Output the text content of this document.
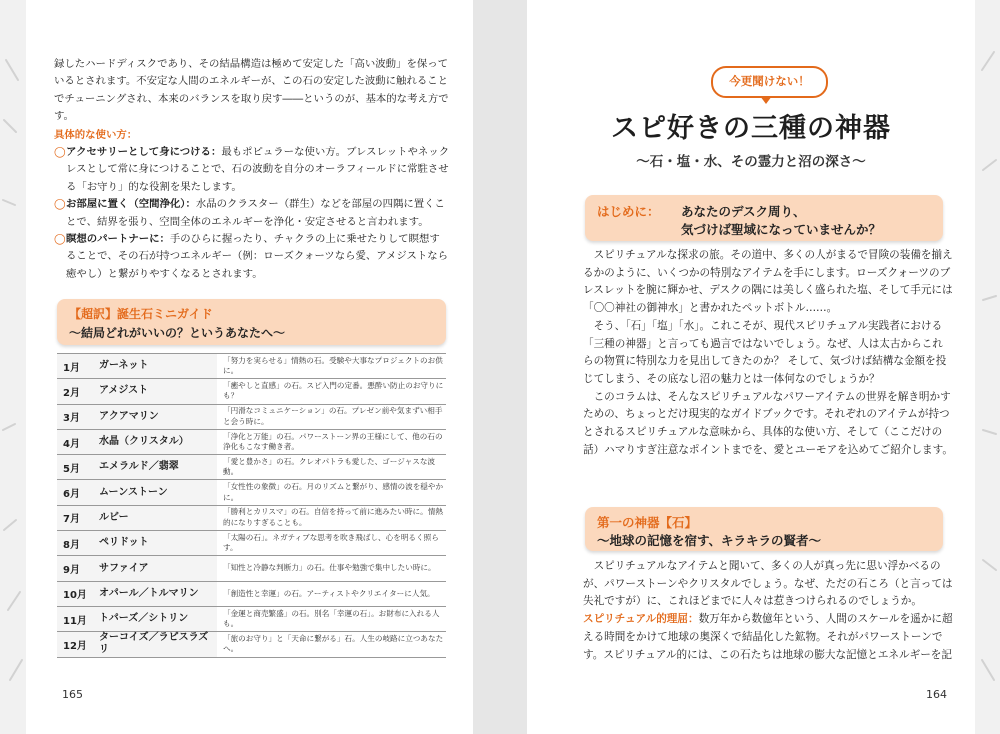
録したハードディスクであり、その結晶構造は極めて安定した「高い波動」を保っているとされます。不安定な人間のエネルギーが、この石の安定した波動に触れることでチューニングされ、本来のバランスを取り戻す――というのが、基本的な考え方です。

具体的な使い方：
◯ アクセサリーとして身につける：最もポピュラーな使い方。ブレスレットやネックレスとして常に身につけることで、石の波動を自分のオーラフィールドに常駐させる「お守り」的な役割を果たします。
◯ お部屋に置く（空間浄化）：水晶のクラスター（群生）などを部屋の四隅に置くことで、結界を張り、空間全体のエネルギーを浄化・安定させると言われます。
◯ 瞑想のパートナーに：手のひらに握ったり、チャクラの上に乗せたりして瞑想することで、その石が持つエネルギー（例：ローズクォーツなら愛、アメジストなら癒やし）と繋がりやすくなるとされます。
【超訳】誕生石ミニガイド
〜結局どれがいいの？というあなたへ〜
1月	ガーネット	「努力を実らせる」情熱の石。受験や大事なプロジェクトのお供に。
2月	アメジスト	「癒やしと直感」の石。スピ入門の定番。悪酔い防止のお守りにも？
3月	アクアマリン	「円滑なコミュニケーション」の石。プレゼン前や気まずい相手と会う時に。
4月	水晶（クリスタル）	「浄化と万能」の石。パワーストーン界の王様にして、他の石の浄化もこなす働き者。
5月	エメラルド／翡翠	「愛と豊かさ」の石。クレオパトラも愛した、ゴージャスな波動。
6月	ムーンストーン	「女性性の象徴」の石。月のリズムと繋がり、感情の波を穏やかに。
7月	ルビー	「勝利とカリスマ」の石。自信を持って前に進みたい時に。情熱的になりすぎることも。
8月	ペリドット	「太陽の石」。ネガティブな思考を吹き飛ばし、心を明るく照らす。
9月	サファイア	「知性と冷静な判断力」の石。仕事や勉強で集中したい時に。
10月	オパール／トルマリン	「創造性と幸運」の石。アーティストやクリエイターに人気。
11月	トパーズ／シトリン	「金運と商売繁盛」の石。別名「幸運の石」。お財布に入れる人も。
12月	ターコイズ／ラピスラズリ	「旅のお守り」と「天命に繋がる」石。人生の岐路に立つあなたへ。
165
今更聞けない！
スピ好きの三種の神器
〜石・塩・水、その霊力と沼の深さ〜
はじめに： あなたのデスク周り、
気づけば聖域になっていませんか？

スピリチュアルな探求の旅。その道中、多くの人がまるで冒険の装備を揃えるかのように、いくつかの特別なアイテムを手にします。ローズクォーツのブレスレットを腕に輝かせ、デスクの隅には美しく盛られた塩、そして手元には「〇〇神社の御神水」と書かれたペットボトル……。

そう、「石」「塩」「水」。これこそが、現代スピリチュアル実践者における「三種の神器」と言っても過言ではないでしょう。なぜ、人は太古からこれらの物質に特別な力を見出してきたのか？ そして、気づけば結構な金額を投じてしまう、その底なし沼の魅力とは一体何なのでしょうか？

このコラムは、そんなスピリチュアルなパワーアイテムの世界を解き明かすための、ちょっとだけ現実的なガイドブックです。それぞれのアイテムが持つとされるスピリチュアルな意味から、具体的な使い方、そして（ここだけの話）ハマりすぎ注意なポイントまでを、愛とユーモアを込めてご紹介します。

第一の神器【石】
〜地球の記憶を宿す、キラキラの賢者〜

スピリチュアルなアイテムと聞いて、多くの人が真っ先に思い浮かべるのが、パワーストーンやクリスタルでしょう。なぜ、ただの石ころ（と言っては失礼ですが）に、これほどまでに人々は惹きつけられるのでしょうか。

スピリチュアル的理屈：数万年から数億年という、人間のスケールを遥かに超える時間をかけて地球の奥深くで結晶化した鉱物。それがパワーストーンです。スピリチュアル的には、この石たちは地球の膨大な記憶とエネルギーを記

164
